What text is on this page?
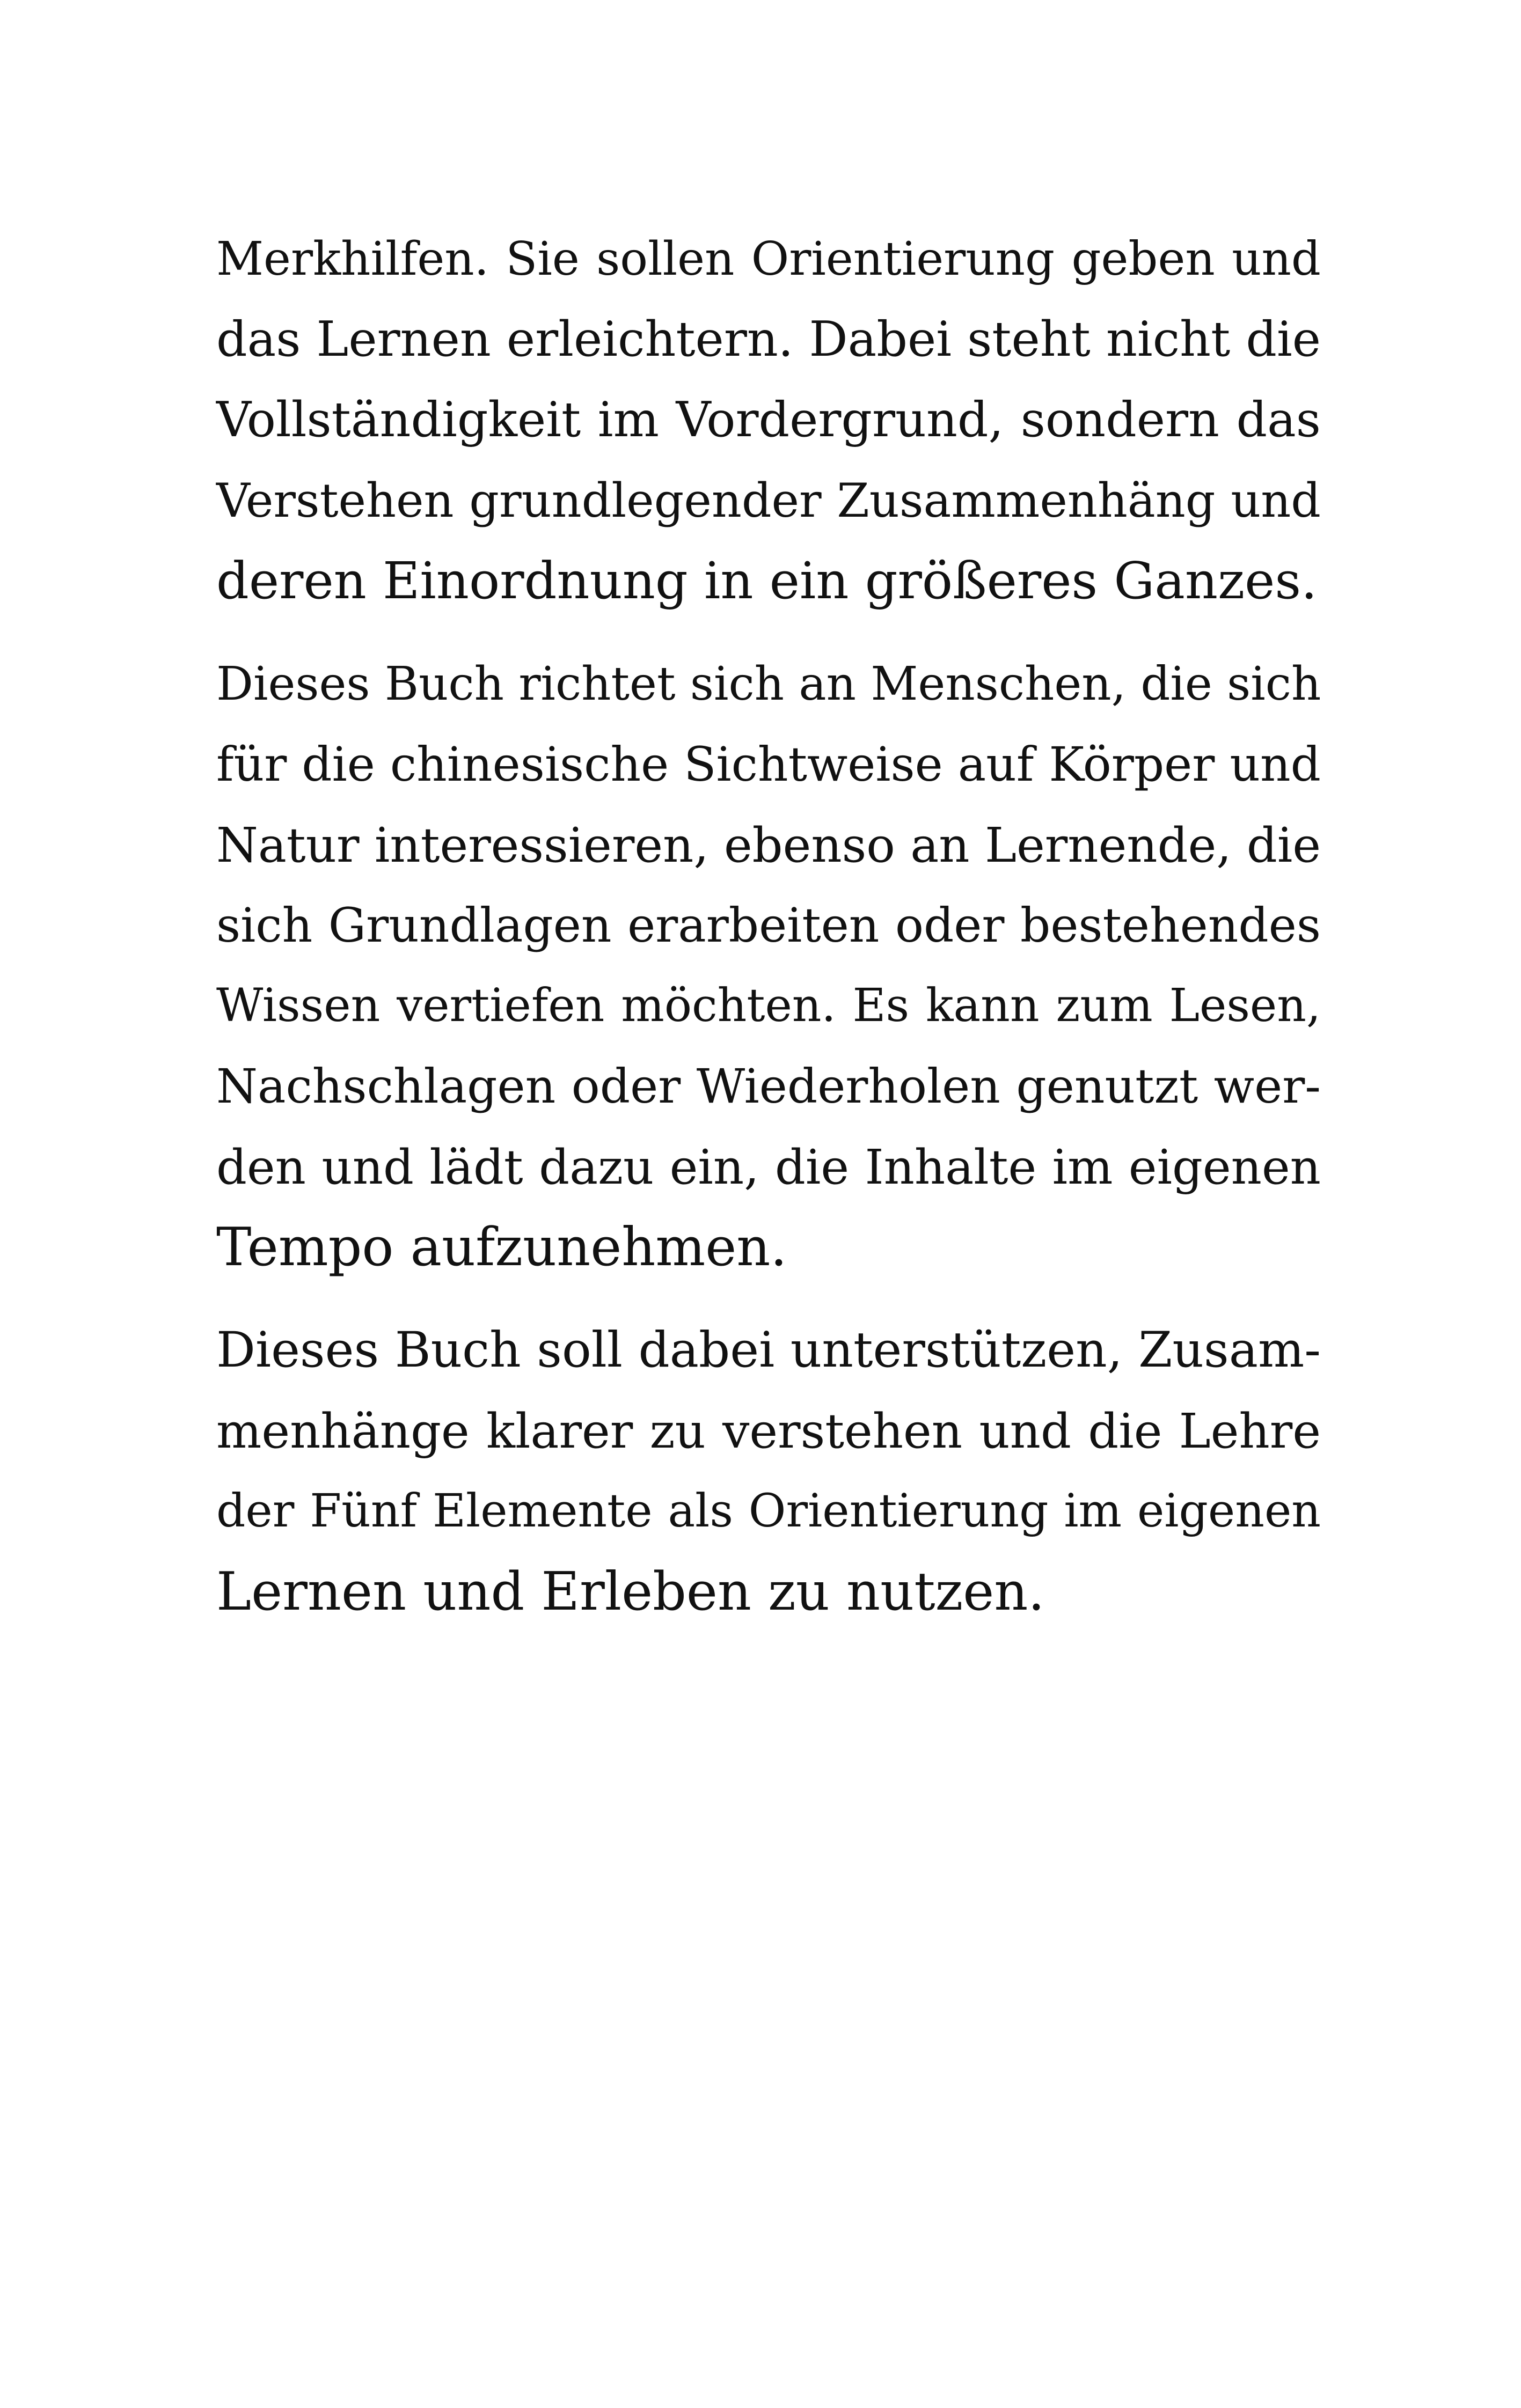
Merkhilfen. Sie sollen Orientierung geben und
das Lernen erleichtern. Dabei steht nicht die
Vollständigkeit im Vordergrund, sondern das
Verstehen grundlegender Zusammenhäng und
deren Einordnung in ein größeres Ganzes.
Dieses Buch richtet sich an Menschen, die sich
für die chinesische Sichtweise auf Körper und
Natur interessieren, ebenso an Lernende, die
sich Grundlagen erarbeiten oder bestehendes
Wissen vertiefen möchten. Es kann zum Lesen,
Nachschlagen oder Wiederholen genutzt wer-
den und lädt dazu ein, die Inhalte im eigenen
Tempo aufzunehmen.
Dieses Buch soll dabei unterstützen, Zusam-
menhänge klarer zu verstehen und die Lehre
der Fünf Elemente als Orientierung im eigenen
Lernen und Erleben zu nutzen.
